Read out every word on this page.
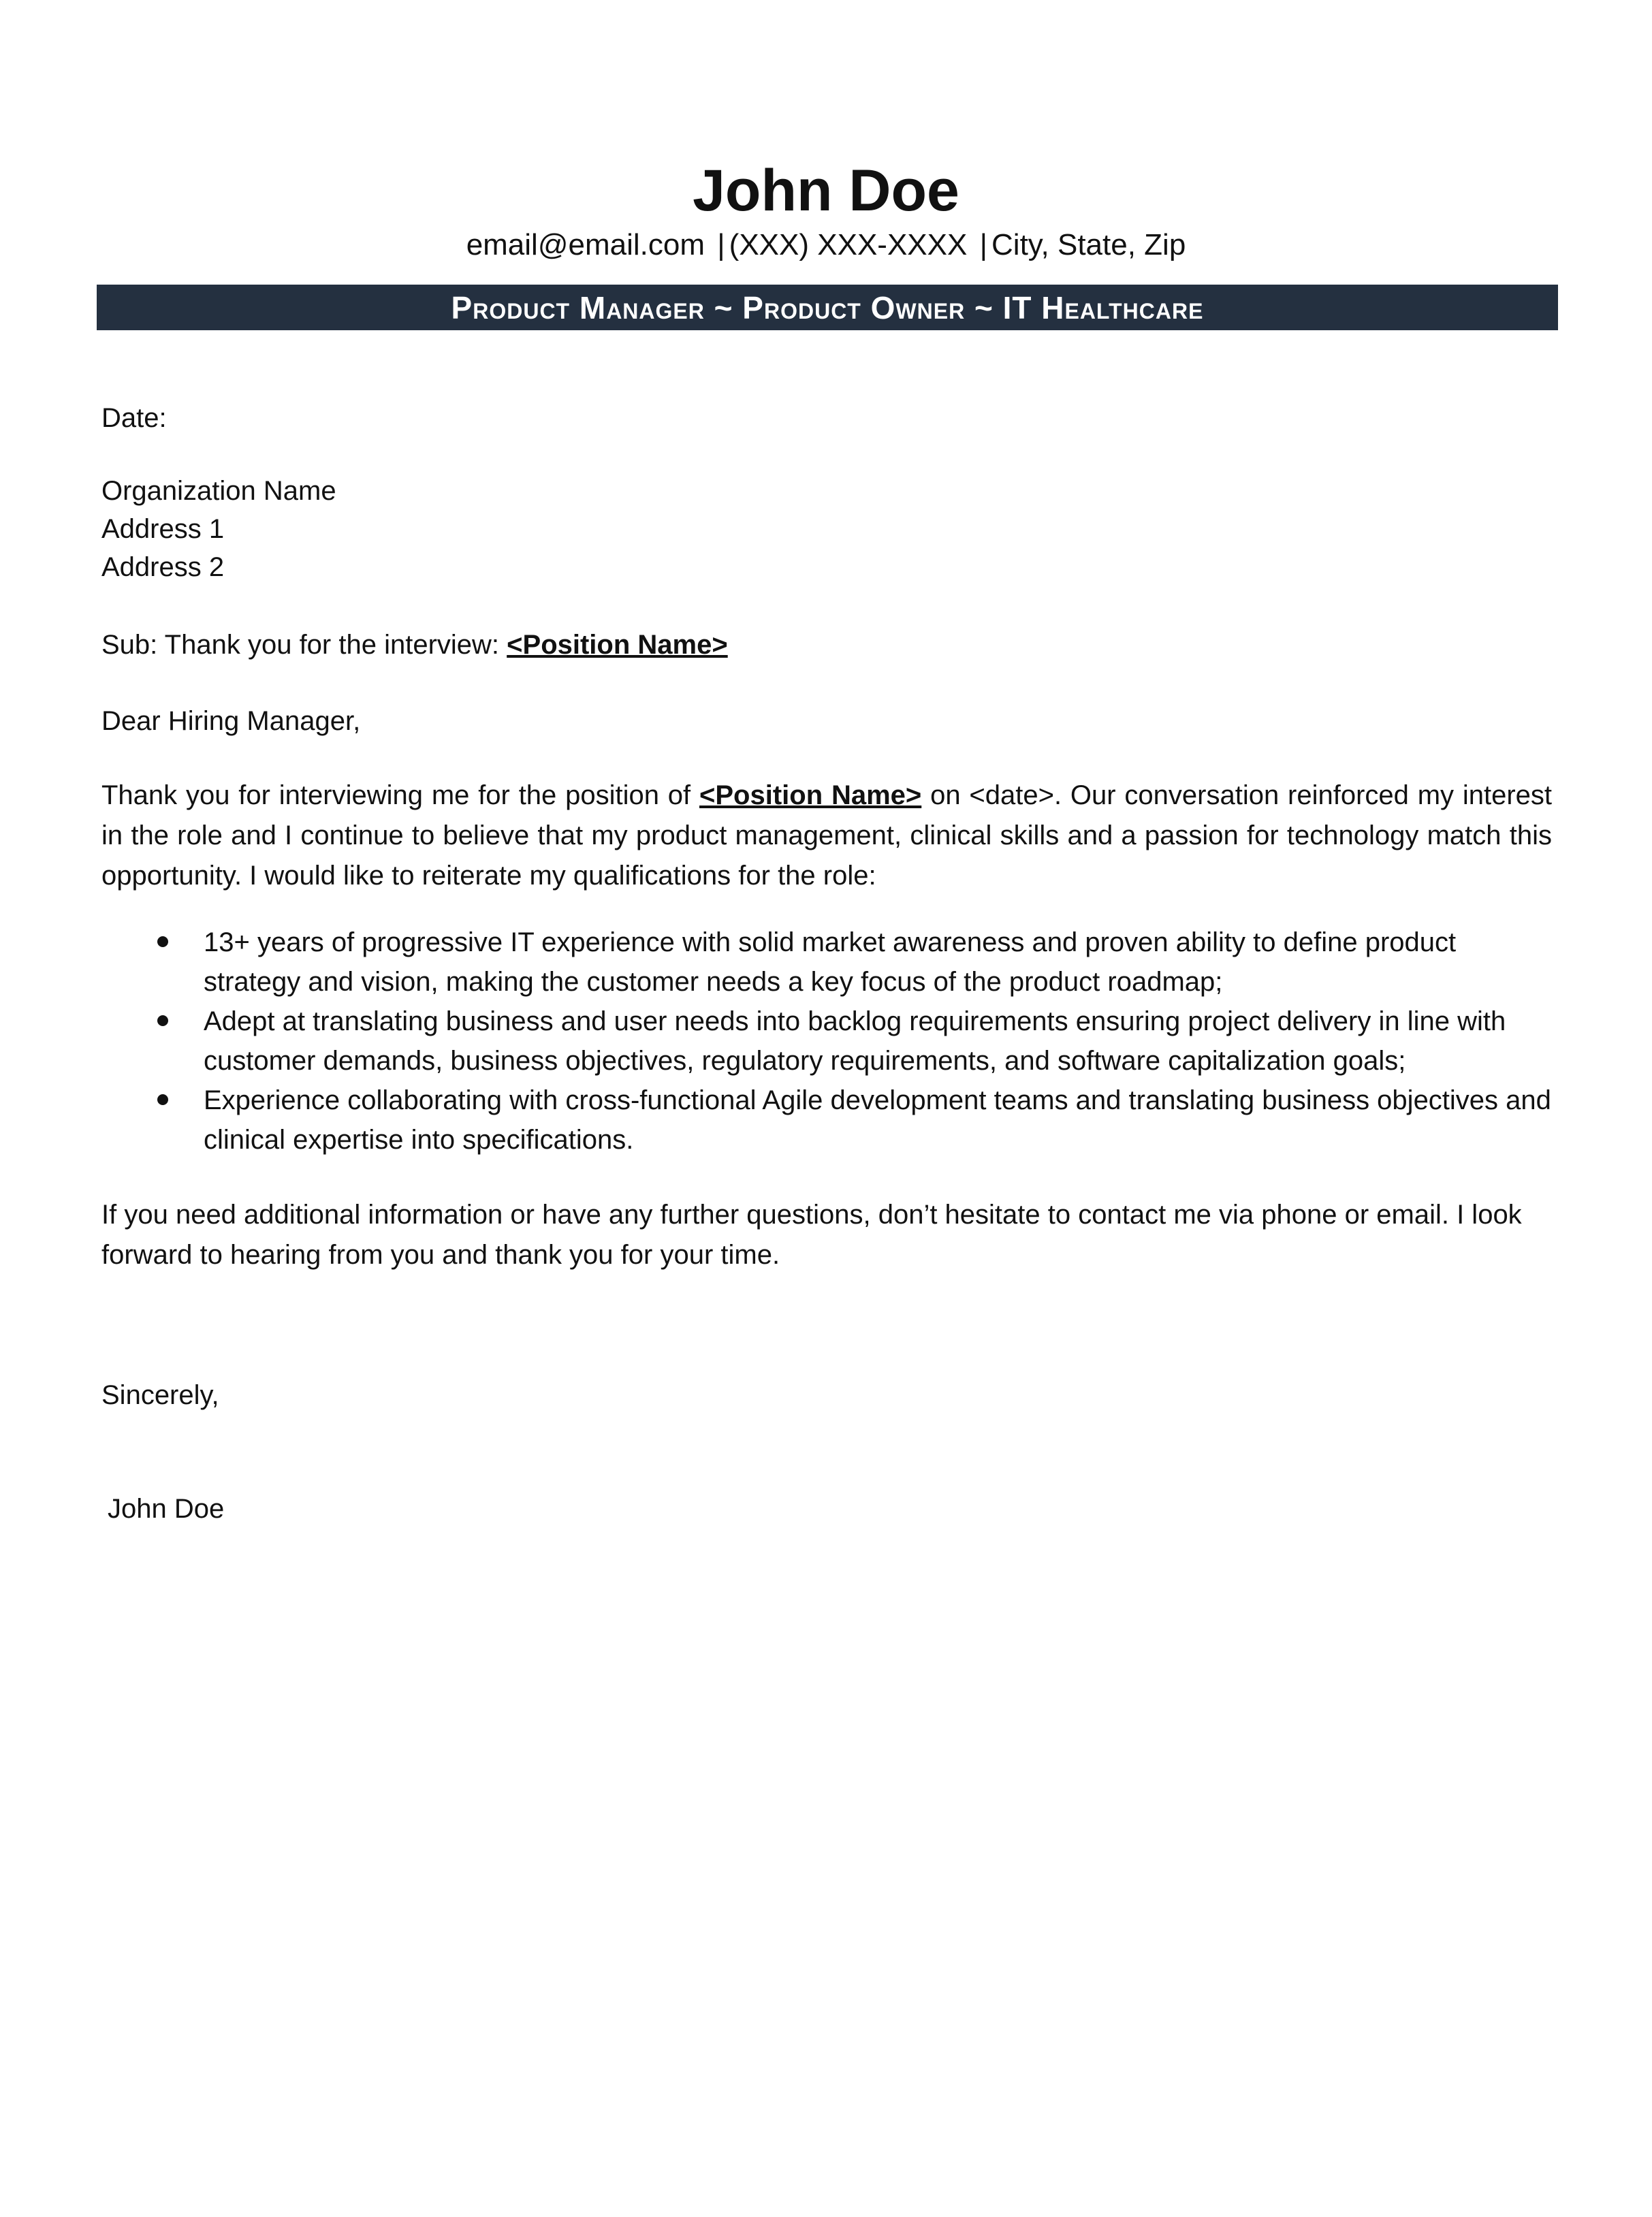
John Doe
email@email.com | (XXX) XXX-XXXX | City, State, Zip
Product Manager ~ Product Owner ~ IT Healthcare
Date:
Organization Name
Address 1
Address 2
Sub: Thank you for the interview: <Position Name>
Dear Hiring Manager,
Thank you for interviewing me for the position of <Position Name> on <date>. Our conversation reinforced my interest in the role and I continue to believe that my product management, clinical skills and a passion for technology match this opportunity. I would like to reiterate my qualifications for the role:
13+ years of progressive IT experience with solid market awareness and proven ability to define product strategy and vision, making the customer needs a key focus of the product roadmap;
Adept at translating business and user needs into backlog requirements ensuring project delivery in line with customer demands, business objectives, regulatory requirements, and software capitalization goals;
Experience collaborating with cross-functional Agile development teams and translating business objectives and clinical expertise into specifications.
If you need additional information or have any further questions, don’t hesitate to contact me via phone or email. I look forward to hearing from you and thank you for your time.
Sincerely,
John Doe
